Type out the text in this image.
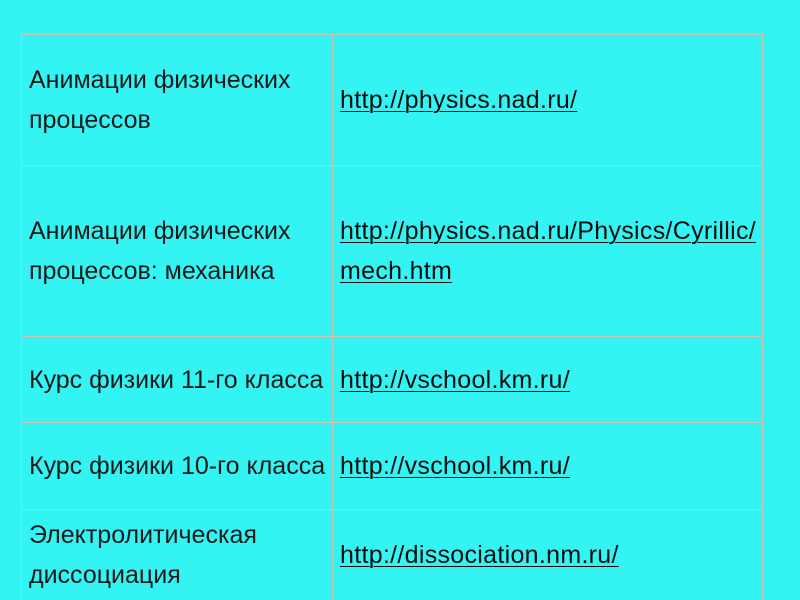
Анимации физических процессов	http://physics.nad.ru/
Анимации физических процессов: механика	http://physics.nad.ru/Physics/Cyrillic/mech.htm
Курс физики 11-го класса	http://vschool.km.ru/
Курс физики 10-го класса	http://vschool.km.ru/
Электролитическая диссоциация	http://dissociation.nm.ru/
